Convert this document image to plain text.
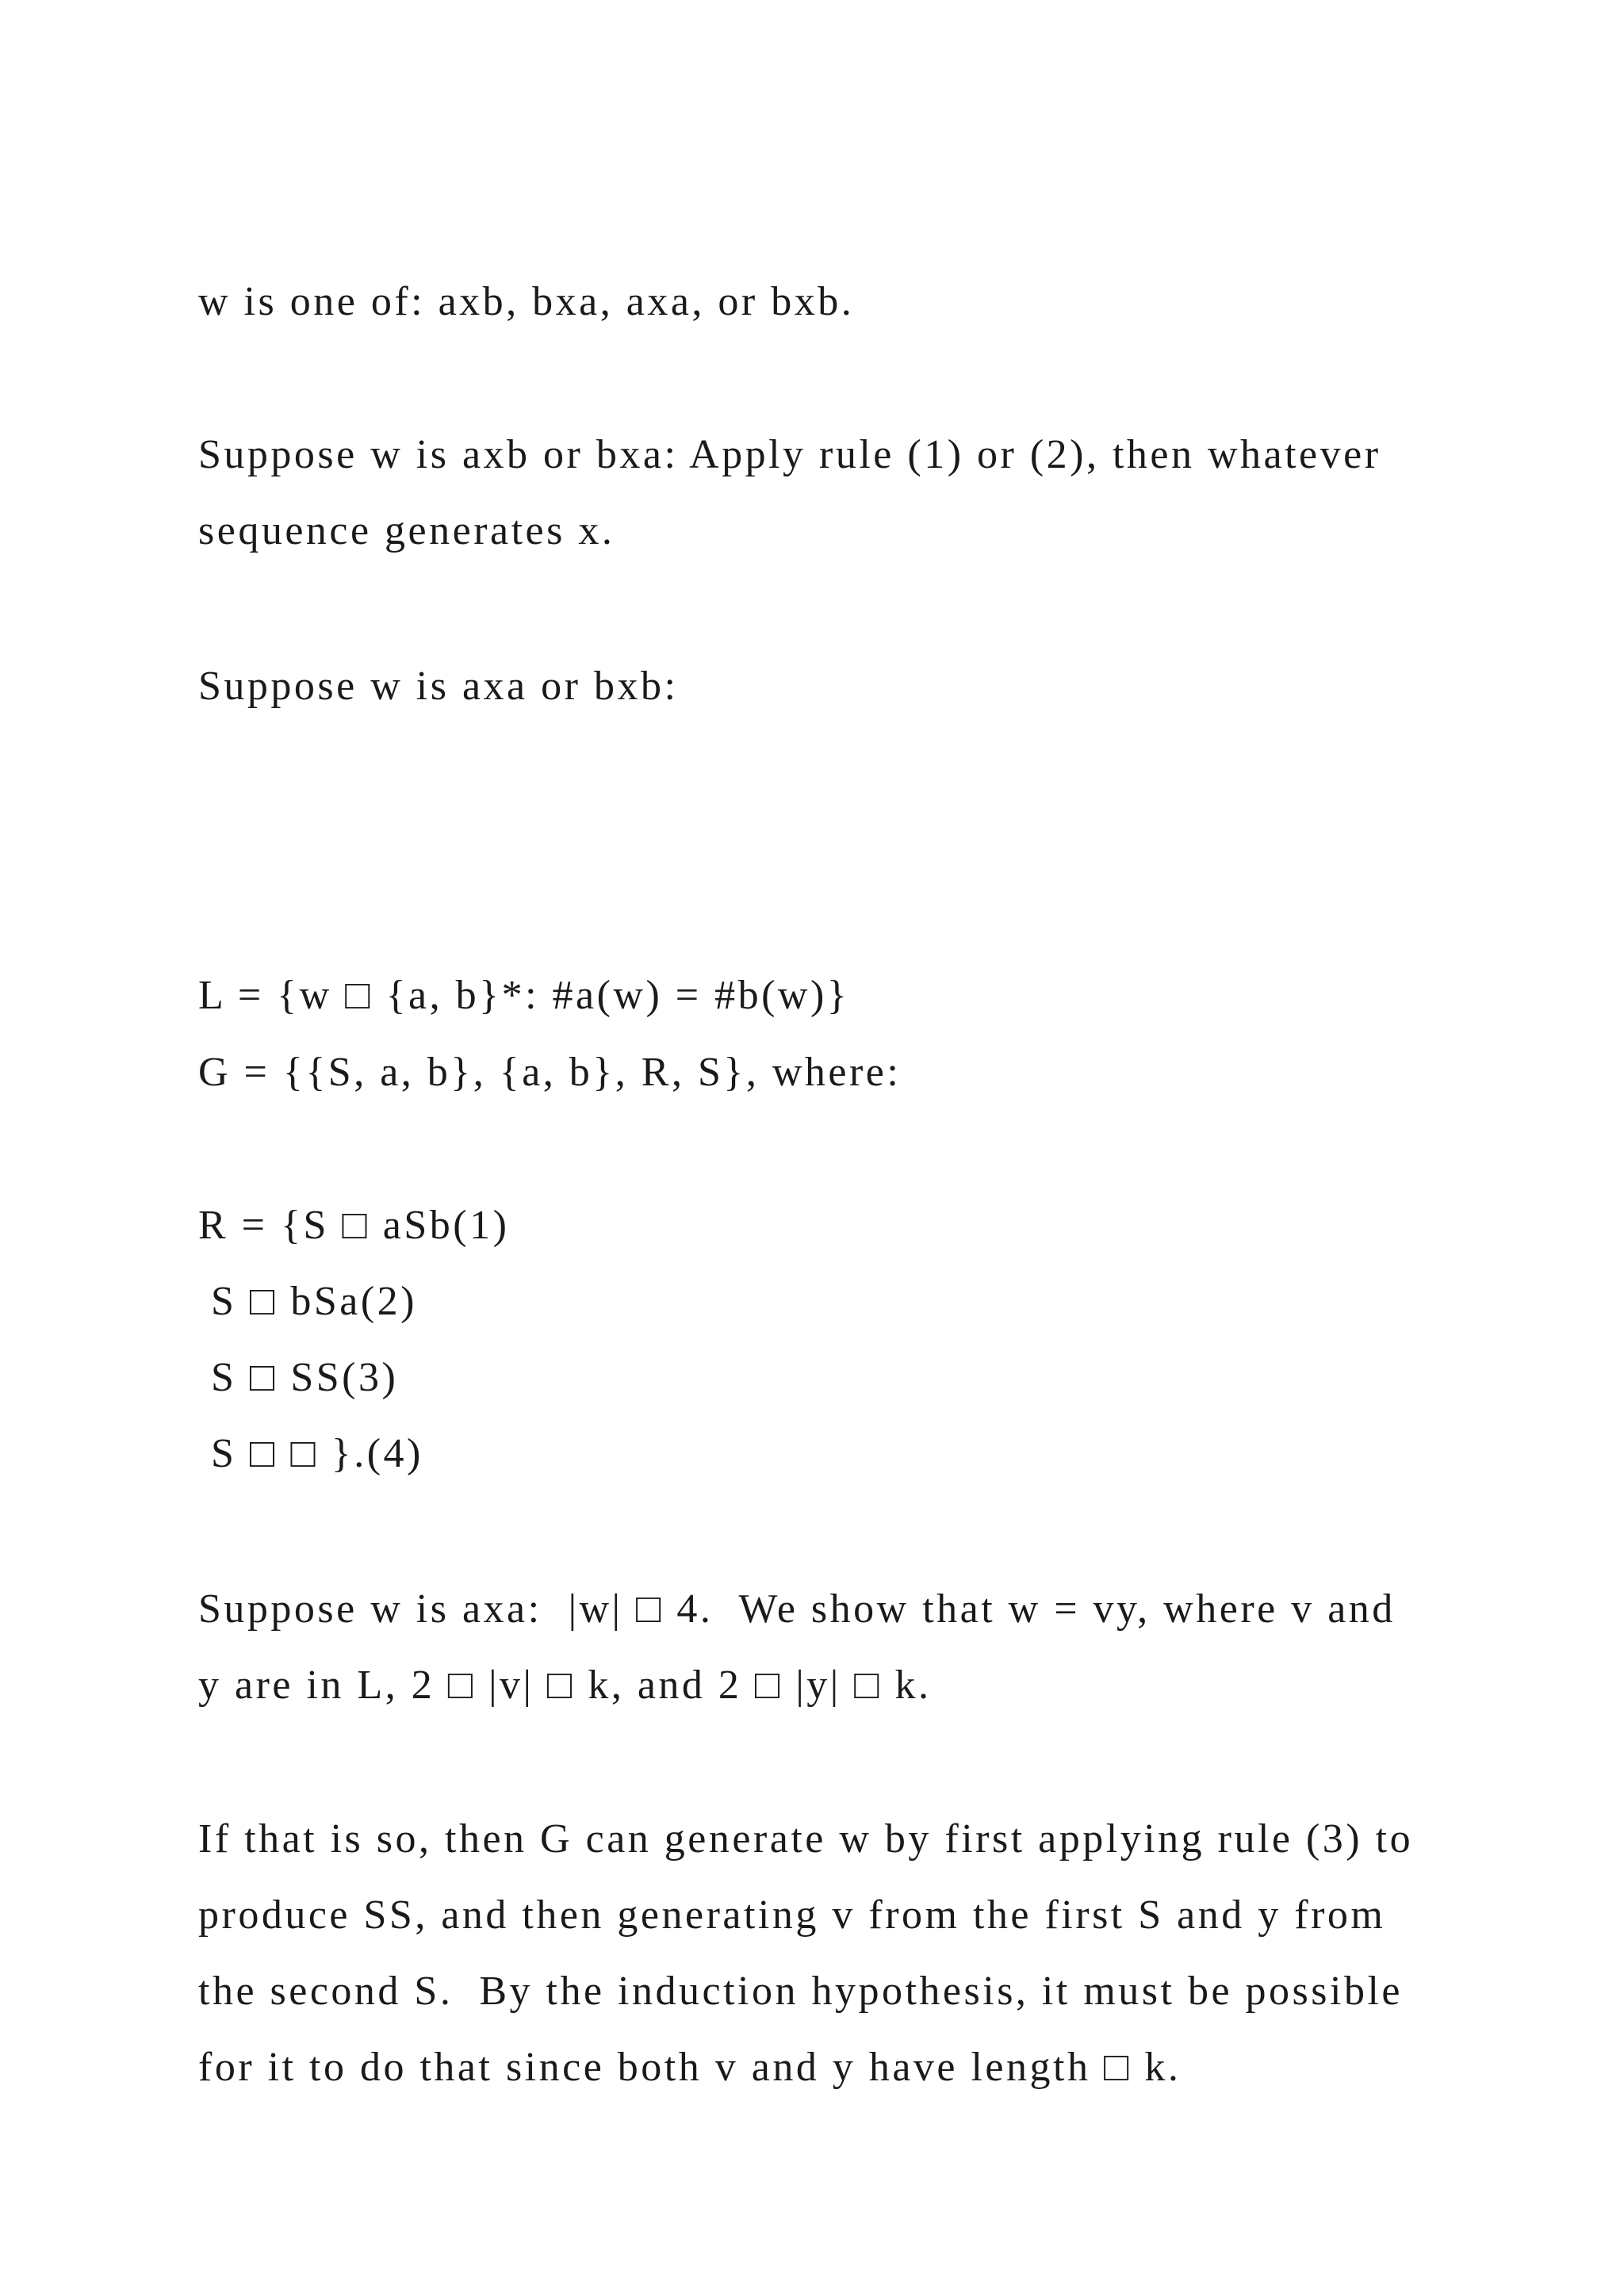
w is one of: axb, bxa, axa, or bxb.
Suppose w is axb or bxa: Apply rule (1) or (2), then whatever
sequence generates x.
Suppose w is axa or bxb:
L = {w □ {a, b}*: #a(w) = #b(w)}
G = {{S, a, b}, {a, b}, R, S}, where:
R = {S □ aSb(1)
S □ bSa(2)
S □ SS(3)
S □ □ }.(4)
Suppose w is axa:  |w| □ 4.  We show that w = vy, where v and
y are in L, 2 □ |v| □ k, and 2 □ |y| □ k.
If that is so, then G can generate w by first applying rule (3) to
produce SS, and then generating v from the first S and y from
the second S.  By the induction hypothesis, it must be possible
for it to do that since both v and y have length □ k.
